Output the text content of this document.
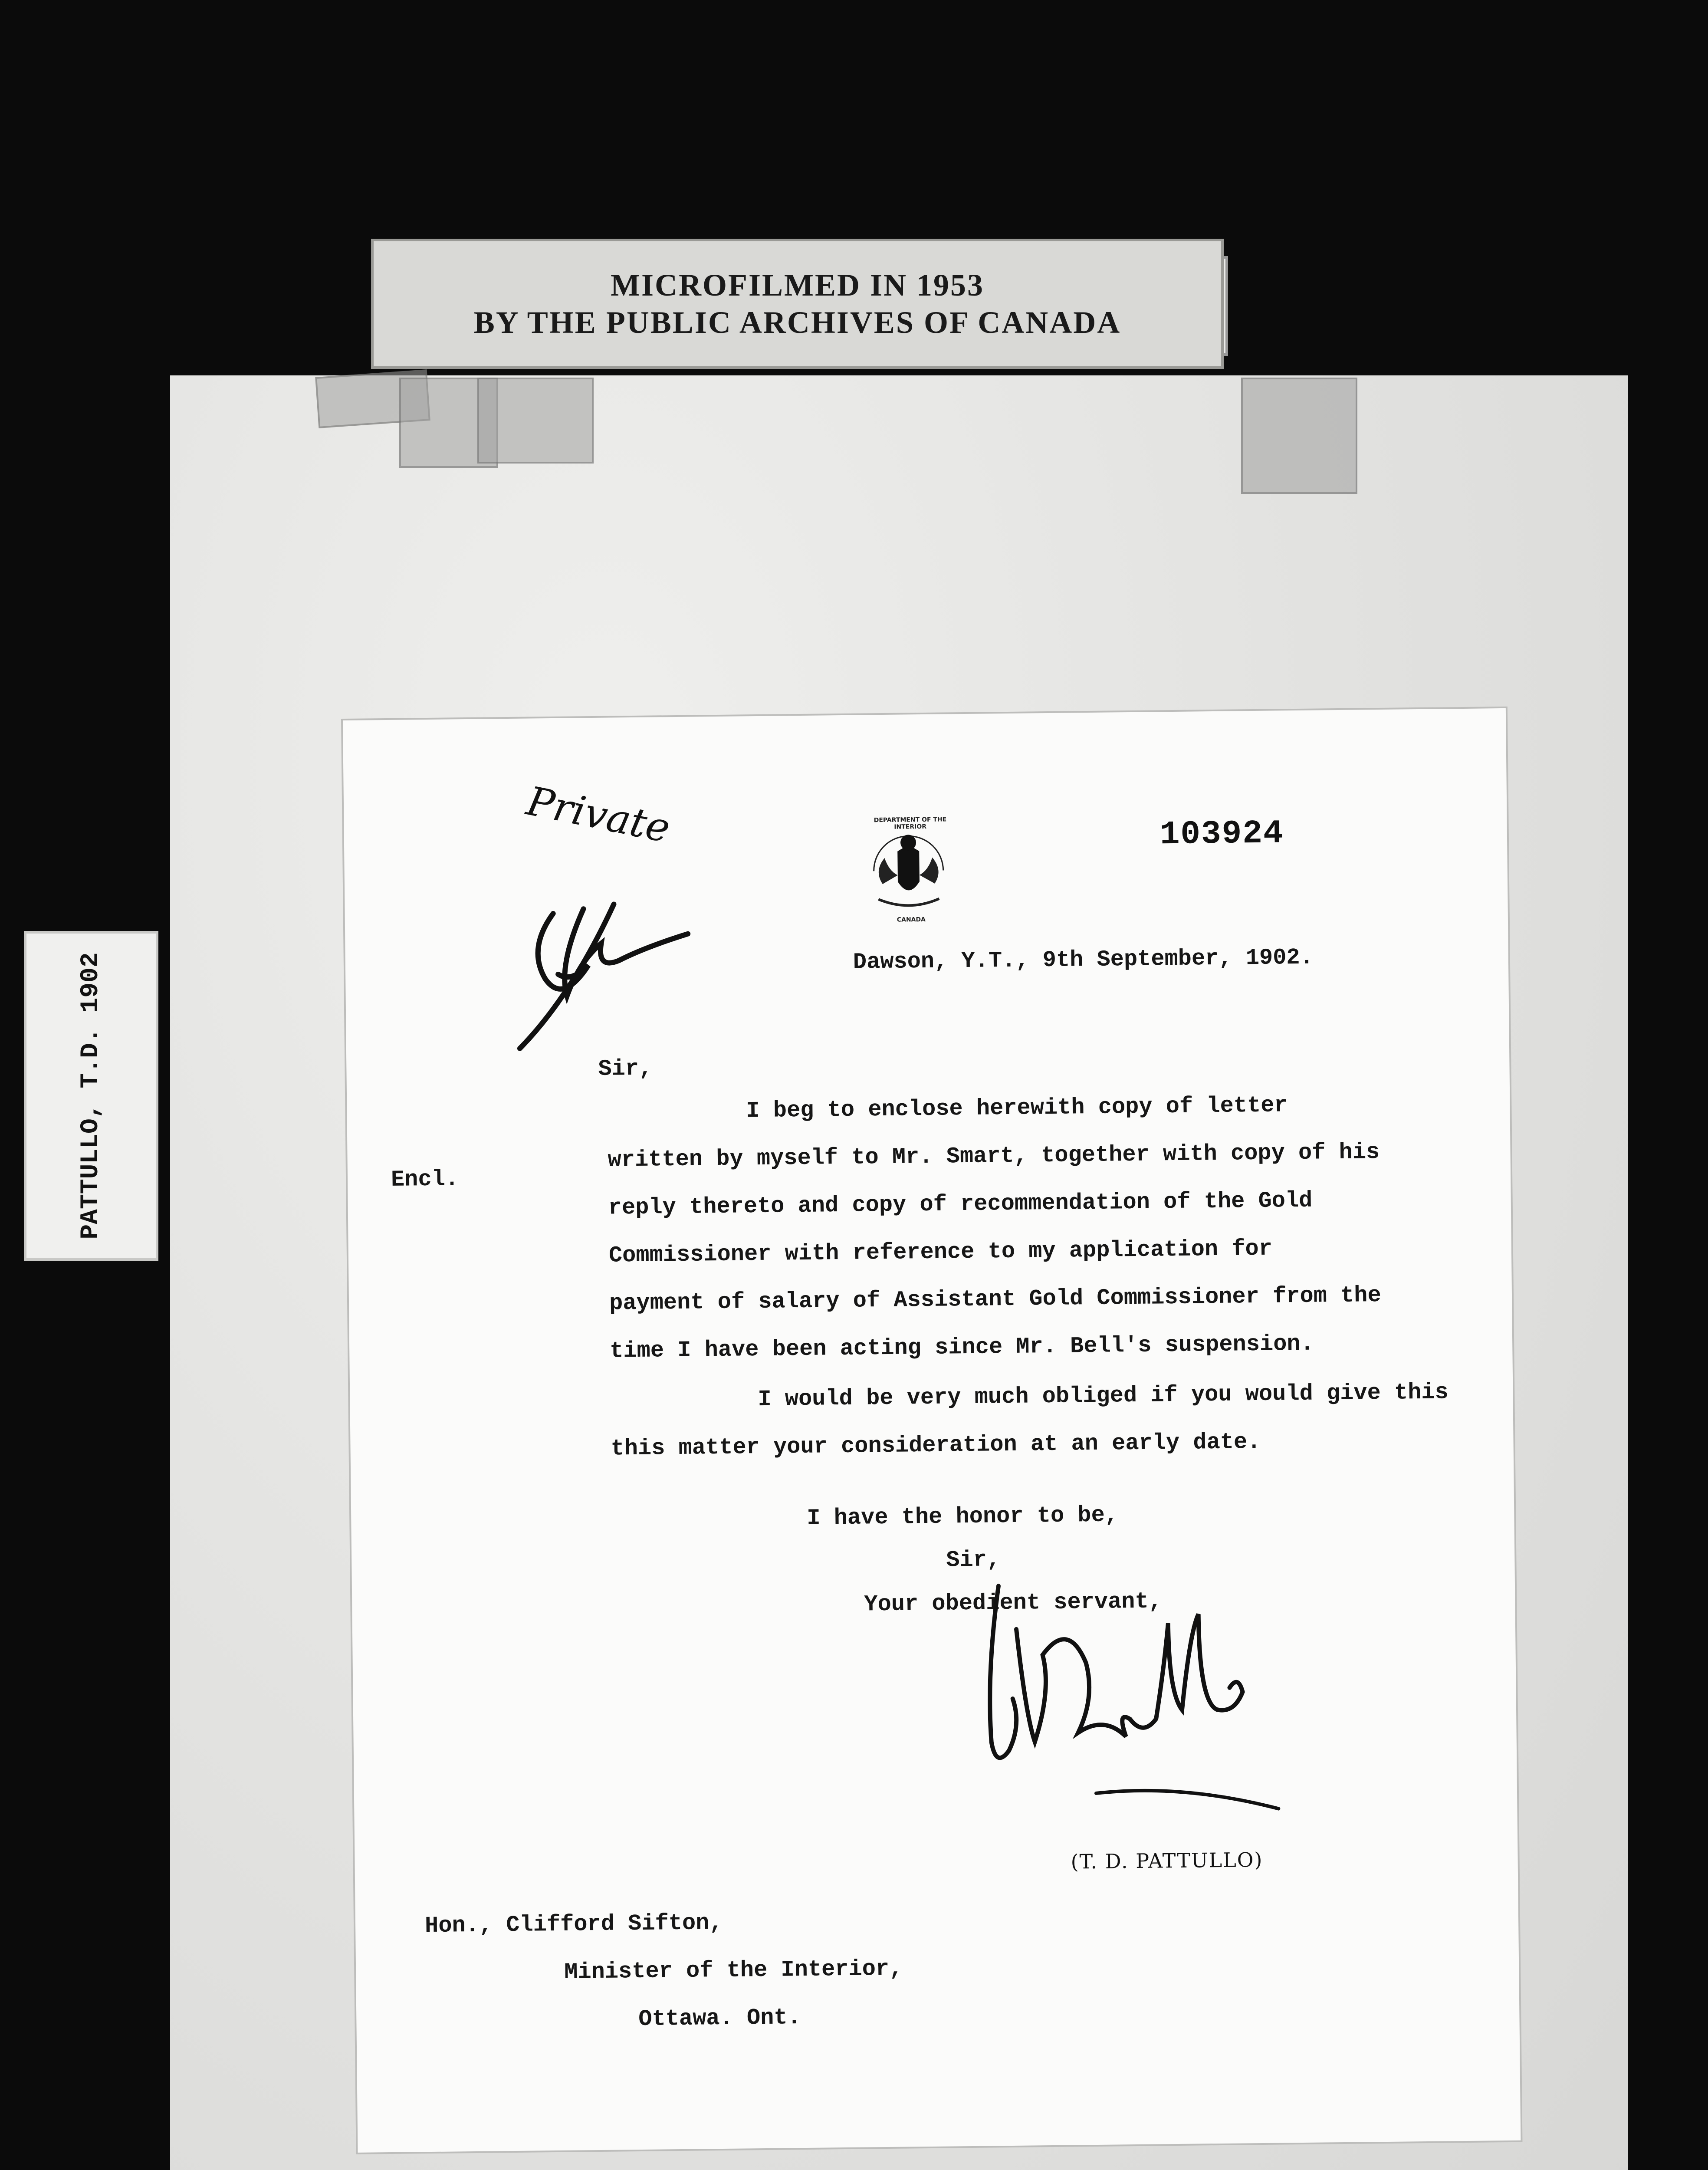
MICROFILMED IN 1953
BY THE PUBLIC ARCHIVES OF CANADA
PATTULLO, T.D. 1902
DEPARTMENT OF THE INTERIOR
CANADA
103924
Private
Dawson, Y.T., 9th September, 1902.
Sir,
Encl.
I beg to enclose herewith copy of letter
written by myself to Mr. Smart, together with copy of his
reply thereto and copy of recommendation of the Gold
Commissioner with reference to my application for
payment of salary of Assistant Gold Commissioner from the
time I have been acting since Mr. Bell's suspension.
I would be very much obliged if you would give this
this matter your consideration at an early date.
I have the honor to be,
Sir,
Your obedient servant,
(T. D. PATTULLO)
Hon., Clifford Sifton,
Minister of the Interior,
Ottawa. Ont.
